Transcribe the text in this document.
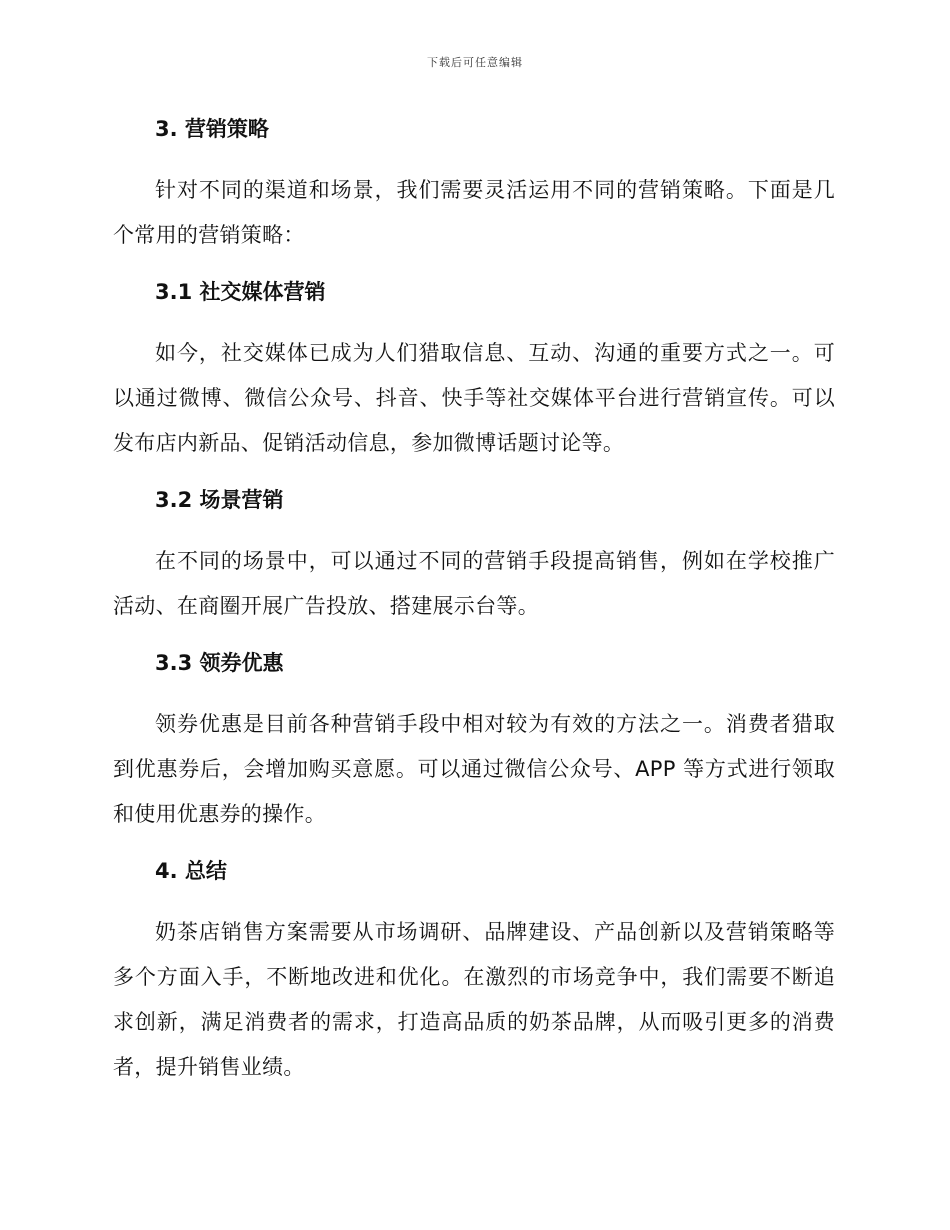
下载后可任意编辑
3. 营销策略

针对不同的渠道和场景，我们需要灵活运用不同的营销策略。下面是几个常用的营销策略：

3.1 社交媒体营销

如今，社交媒体已成为人们猎取信息、互动、沟通的重要方式之一。可以通过微博、微信公众号、抖音、快手等社交媒体平台进行营销宣传。可以发布店内新品、促销活动信息，参加微博话题讨论等。

3.2 场景营销

在不同的场景中，可以通过不同的营销手段提高销售，例如在学校推广活动、在商圈开展广告投放、搭建展示台等。

3.3 领券优惠

领券优惠是目前各种营销手段中相对较为有效的方法之一。消费者猎取到优惠券后，会增加购买意愿。可以通过微信公众号、APP 等方式进行领取和使用优惠券的操作。

4. 总结

奶茶店销售方案需要从市场调研、品牌建设、产品创新以及营销策略等多个方面入手，不断地改进和优化。在激烈的市场竞争中，我们需要不断追求创新，满足消费者的需求，打造高品质的奶茶品牌，从而吸引更多的消费者，提升销售业绩。
